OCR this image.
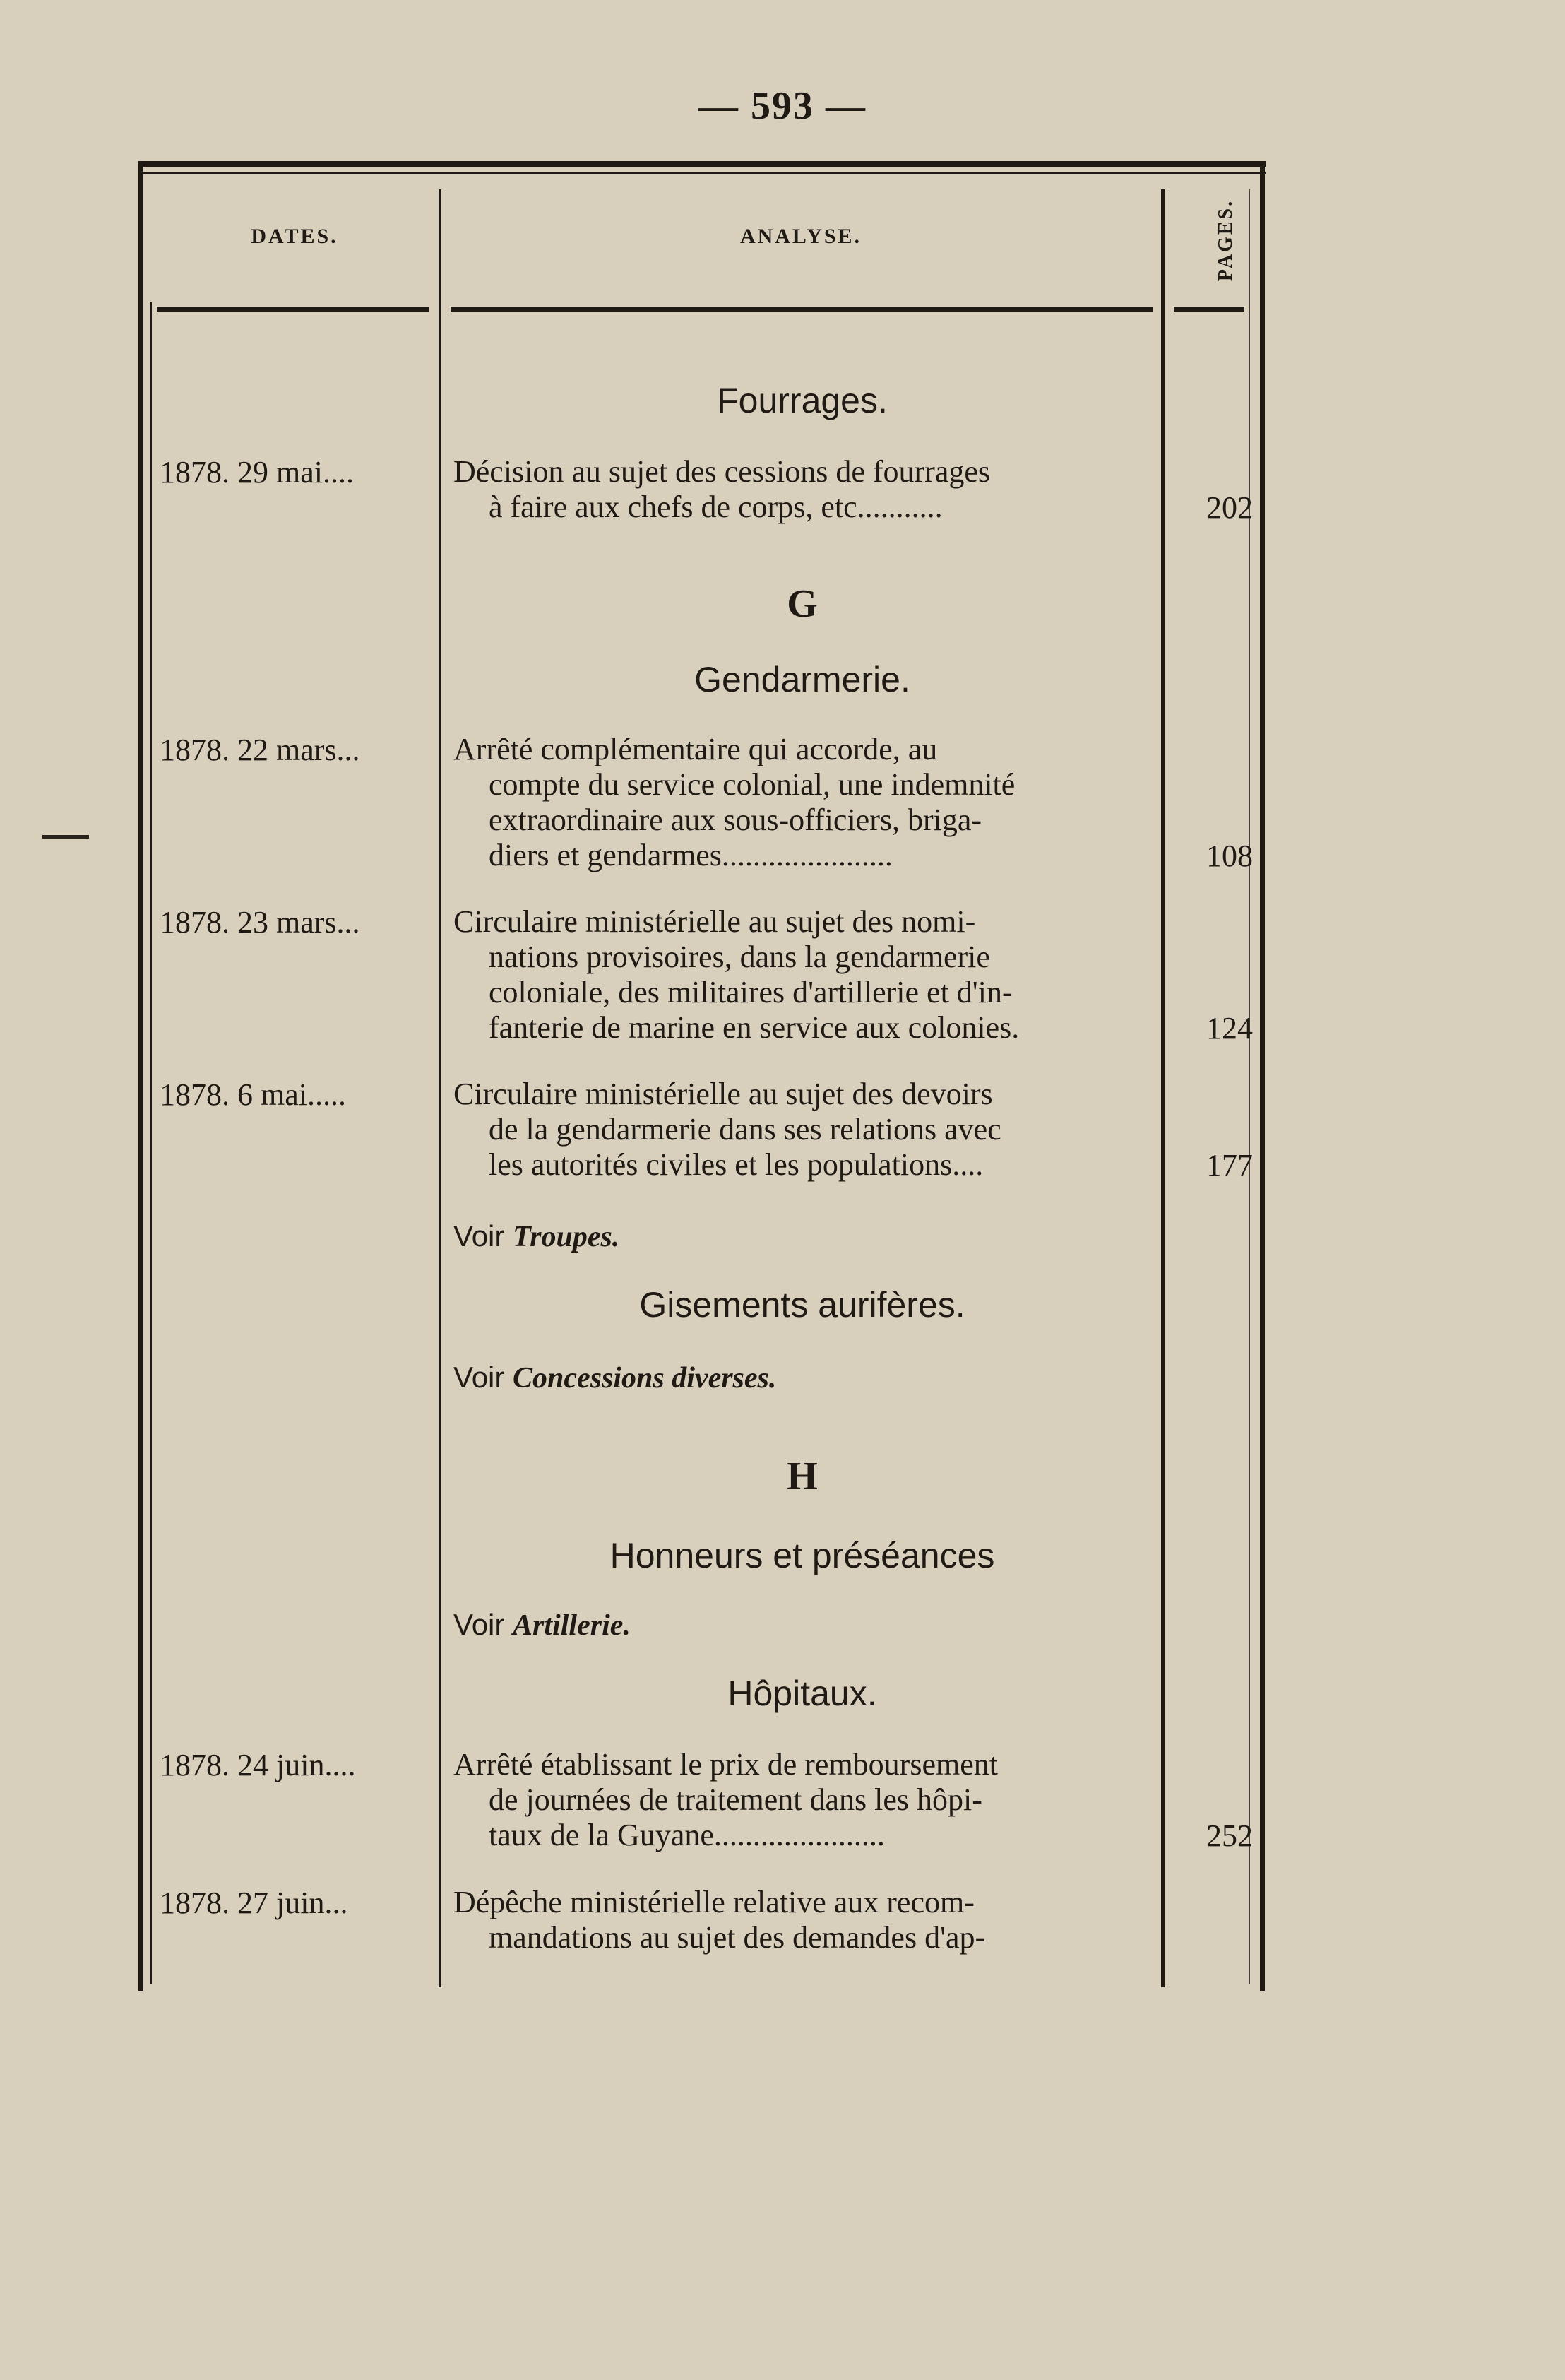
— 593 —
DATES.	ANALYSE.	PAGES.
Fourrages.
1878. 29 mai....	Décision au sujet des cessions de fourrages
à faire aux chefs de corps, etc...........	202
G
Gendarmerie.
1878. 22 mars...	Arrêté complémentaire qui accorde, au
compte du service colonial, une indemnité
extraordinaire aux sous-officiers, briga-
diers et gendarmes......................	108
1878. 23 mars...	Circulaire ministérielle au sujet des nomi-
nations provisoires, dans la gendarmerie
coloniale, des militaires d'artillerie et d'in-
fanterie de marine en service aux colonies.	124
1878. 6 mai.....	Circulaire ministérielle au sujet des devoirs
de la gendarmerie dans ses relations avec
les autorités civiles et les populations....	177
Voir Troupes.
Gisements aurifères.
Voir Concessions diverses.
H
Honneurs et préséances
Voir Artillerie.
Hôpitaux.
1878. 24 juin....	Arrêté établissant le prix de remboursement
de journées de traitement dans les hôpi-
taux de la Guyane......................	252
1878. 27 juin...	Dépêche ministérielle relative aux recom-
mandations au sujet des demandes d'ap-
